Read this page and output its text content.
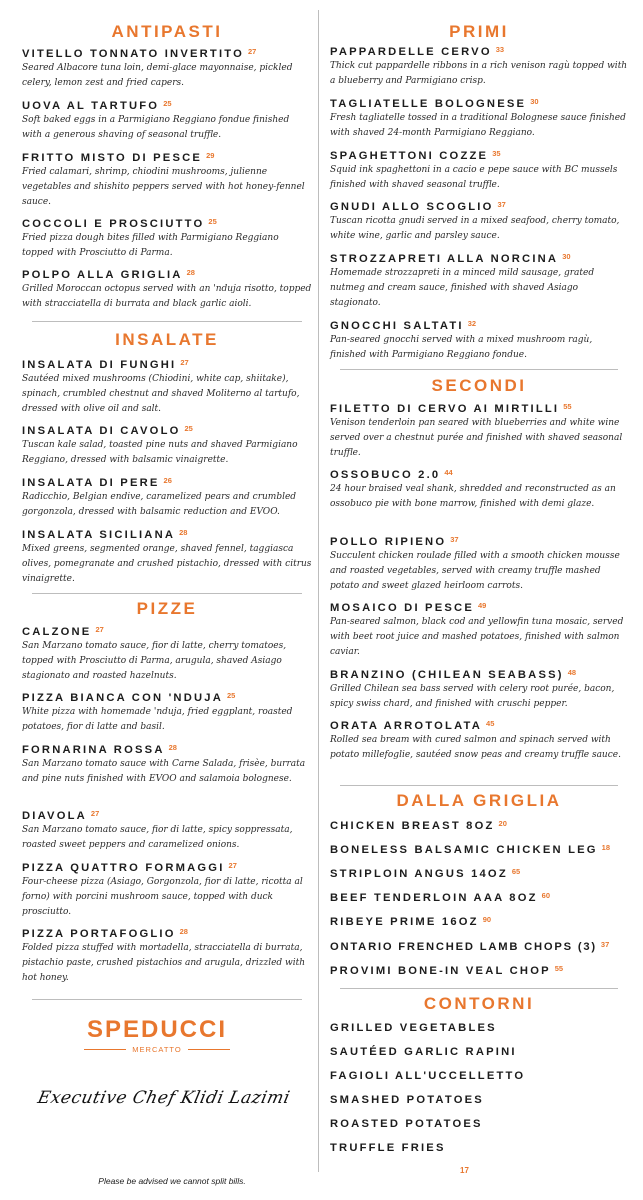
ANTIPASTI
VITELLO TONNATO INVERTITO $^{27}$
Seared Albacore tuna loin, demi-glace mayonnaise, pickled celery, lemon zest and fried capers.
UOVA AL TARTUFO $^{25}$
Soft baked eggs in a Parmigiano Reggiano fondue finished with a generous shaving of seasonal truffle.
FRITTO MISTO DI PESCE $^{29}$
Fried calamari, shrimp, chiodini mushrooms, julienne vegetables and shishito peppers served with hot honey-fennel sauce.
COCCOLI E PROSCIUTTO $^{25}$
Fried pizza dough bites filled with Parmigiano Reggiano topped with Prosciutto di Parma.
POLPO ALLA GRIGLIA $^{28}$
Grilled Moroccan octopus served with an 'nduja risotto, topped with stracciatella di burrata and black garlic aioli.
INSALATE
INSALATA DI FUNGHI $^{27}$
Sautéed mixed mushrooms (Chiodini, white cap, shiitake), spinach, crumbled chestnut and shaved Moliterno al tartufo, dressed with olive oil and salt.
INSALATA DI CAVOLO $^{25}$
Tuscan kale salad, toasted pine nuts and shaved Parmigiano Reggiano, dressed with balsamic vinaigrette.
INSALATA DI PERE $^{26}$
Radicchio, Belgian endive, caramelized pears and crumbled gorgonzola, dressed with balsamic reduction and EVOO.
INSALATA SICILIANA $^{28}$
Mixed greens, segmented orange, shaved fennel, taggiasca olives, pomegranate and crushed pistachio, dressed with citrus vinaigrette.
PIZZE
CALZONE $^{27}$
San Marzano tomato sauce, fior di latte, cherry tomatoes, topped with Prosciutto di Parma, arugula, shaved Asiago stagionato and roasted hazelnuts.
PIZZA BIANCA CON 'NDUJA $^{25}$
White pizza with homemade 'nduja, fried eggplant, roasted potatoes, fior di latte and basil.
FORNARINA ROSSA $^{28}$
San Marzano tomato sauce with Carne Salada, frisèe, burrata and pine nuts finished with EVOO and salamoia bolognese.
DIAVOLA $^{27}$
San Marzano tomato sauce, fior di latte, spicy soppressata, roasted sweet peppers and caramelized onions.
PIZZA QUATTRO FORMAGGI $^{27}$
Four-cheese pizza (Asiago, Gorgonzola, fior di latte, ricotta al forno) with porcini mushroom sauce, topped with duck prosciutto.
PIZZA PORTAFOGLIO $^{28}$
Folded pizza stuffed with mortadella, stracciatella di burrata, pistachio paste, crushed pistachios and arugula, drizzled with hot honey.
PRIMI
PAPPARDELLE CERVO $^{33}$
Thick cut pappardelle ribbons in a rich venison ragù topped with a blueberry and Parmigiano crisp.
TAGLIATELLE BOLOGNESE $^{30}$
Fresh tagliatelle tossed in a traditional Bolognese sauce finished with shaved 24-month Parmigiano Reggiano.
SPAGHETTONI COZZE $^{35}$
Squid ink spaghettoni in a cacio e pepe sauce with BC mussels finished with shaved seasonal truffle.
GNUDI ALLO SCOGLIO $^{37}$
Tuscan ricotta gnudi served in a mixed seafood, cherry tomato, white wine, garlic and parsley sauce.
STROZZAPRETI ALLA NORCINA $^{30}$
Homemade strozzapreti in a minced mild sausage, grated nutmeg and cream sauce, finished with shaved Asiago stagionato.
GNOCCHI SALTATI $^{32}$
Pan-seared gnocchi served with a mixed mushroom ragù, finished with Parmigiano Reggiano fondue.
SECONDI
FILETTO DI CERVO AI MIRTILLI $^{55}$
Venison tenderloin pan seared with blueberries and white wine served over a chestnut purée and finished with shaved seasonal truffle.
OSSOBUCO 2.0 $^{44}$
24 hour braised veal shank, shredded and reconstructed as an ossobuco pie with bone marrow, finished with demi glaze.
POLLO RIPIENO $^{37}$
Succulent chicken roulade filled with a smooth chicken mousse and roasted vegetables, served with creamy truffle mashed potato and sweet glazed heirloom carrots.
MOSAICO DI PESCE $^{49}$
Pan-seared salmon, black cod and yellowfin tuna mosaic, served with beet root juice and mashed potatoes, finished with salmon caviar.
BRANZINO (CHILEAN SEABASS) $^{48}$
Grilled Chilean sea bass served with celery root purée, bacon, spicy swiss chard, and finished with cruschi pepper.
ORATA ARROTOLATA $^{45}$
Rolled sea bream with cured salmon and spinach served with potato millefoglie, sautéed snow peas and creamy truffle sauce.
DALLA GRIGLIA
CHICKEN BREAST 8OZ $^{20}$
BONELESS BALSAMIC CHICKEN LEG $^{18}$
STRIPLOIN ANGUS 14OZ $^{65}$
BEEF TENDERLOIN AAA 8OZ $^{60}$
RIBEYE PRIME 16OZ $^{90}$
ONTARIO FRENCHED LAMB CHOPS (3) $^{37}$
PROVIMI BONE-IN VEAL CHOP $^{55}$
CONTORNI
GRILLED VEGETABLES
SAUTÉED GARLIC RAPINI
FAGIOLI ALL'UCCELLETTO
SMASHED POTATOES
ROASTED POTATOES
TRUFFLE FRIES
SPEDUCCI
MERCATTO
Executive Chef Klidi Lazimi
17
Please be advised we cannot split bills.
